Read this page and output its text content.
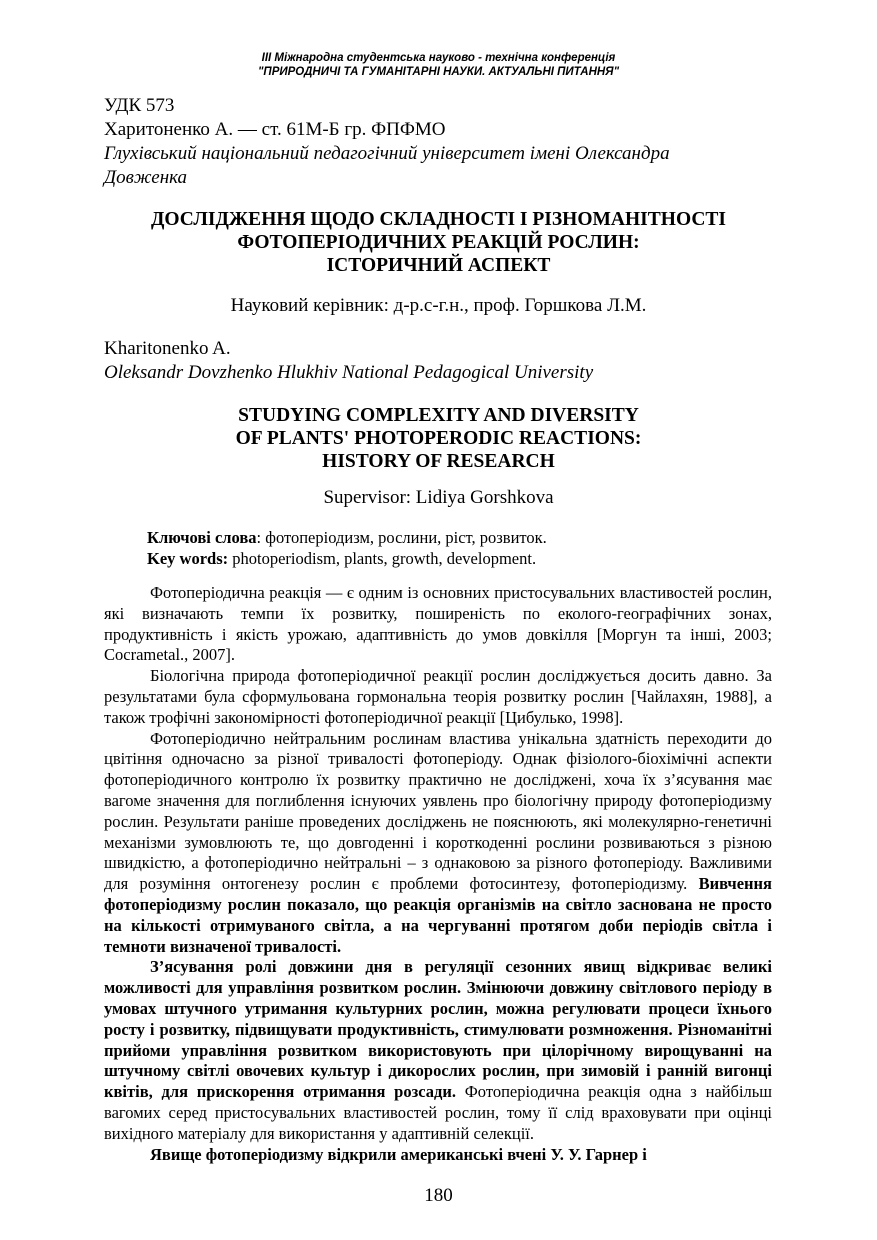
III Міжнародна студентська науково - технічна конференція
"ПРИРОДНИЧІ ТА ГУМАНІТАРНІ НАУКИ. АКТУАЛЬНІ ПИТАННЯ"
УДК 573
Харитоненко А. — ст. 61М-Б гр. ФПФМО
Глухівський національний педагогічний університет імені Олександра
Довженка
ДОСЛІДЖЕННЯ ЩОДО СКЛАДНОСТІ І РІЗНОМАНІТНОСТІ
ФОТОПЕРІОДИЧНИХ РЕАКЦІЙ РОСЛИН:
ІСТОРИЧНИЙ АСПЕКТ
Науковий керівник: д-р.с-г.н., проф. Горшкова Л.М.
Kharitonenko A.
Oleksandr Dovzhenko Hlukhiv National Pedagogical University
STUDYING COMPLEXITY AND DIVERSITY
OF PLANTS' PHOTOPERODIC REACTIONS:
HISTORY OF RESEARCH
Supervisor: Lidiya Gorshkova
Ключові слова: фотоперіодизм, рослини, ріст, розвиток.
Key words: photoperiodism, plants, growth, development.

Фотоперіодична реакція — є одним із основних пристосувальних властивостей рослин, які визначають темпи їх розвитку, поширеність по еколого-географічних зонах, продуктивність і якість урожаю, адаптивність до умов довкілля [Моргун та інші, 2003; Cocrametal., 2007].

Біологічна природа фотоперіодичної реакції рослин досліджується досить давно. За результатами була сформульована гормональна теорія розвитку рослин [Чайлахян, 1988], а також трофічні закономірності фотоперіодичної реакції [Цибулько, 1998].

Фотоперіодично нейтральним рослинам властива унікальна здатність переходити до цвітіння одночасно за різної тривалості фотоперіоду. Однак фізіолого-біохімічні аспекти фотоперіодичного контролю їх розвитку практично не досліджені, хоча їх з’ясування має вагоме значення для поглиблення існуючих уявлень про біологічну природу фотоперіодизму рослин. Результати раніше проведених досліджень не пояснюють, які молекулярно-генетичні механізми зумовлюють те, що довгоденні і короткоденні рослини розвиваються з різною швидкістю, а фотоперіодично нейтральні – з однаковою за різного фотоперіоду. Важливими для розуміння онтогенезу рослин є проблеми фотосинтезу, фотоперіодизму. Вивчення фотоперіодизму рослин показало, що реакція організмів на світло заснована не просто на кількості отримуваного світла, а на чергуванні протягом доби періодів світла і темноти визначеної тривалості.

З’ясування ролі довжини дня в регуляції сезонних явищ відкриває великі можливості для управління розвитком рослин. Змінюючи довжину світлового періоду в умовах штучного утримання культурних рослин, можна регулювати процеси їхнього росту і розвитку, підвищувати продуктивність, стимулювати розмноження. Різноманітні прийоми управління розвитком використовують при цілорічному вирощуванні на штучному світлі овочевих культур і дикорослих рослин, при зимовій і ранній вигонці квітів, для прискорення отримання розсади. Фотоперіодична реакція одна з найбільш вагомих серед пристосувальних властивостей рослин, тому її слід враховувати при оцінці вихідного матеріалу для використання у адаптивній селекції.

Явище фотоперіодизму відкрили американські вчені У. У. Гарнер і

180
